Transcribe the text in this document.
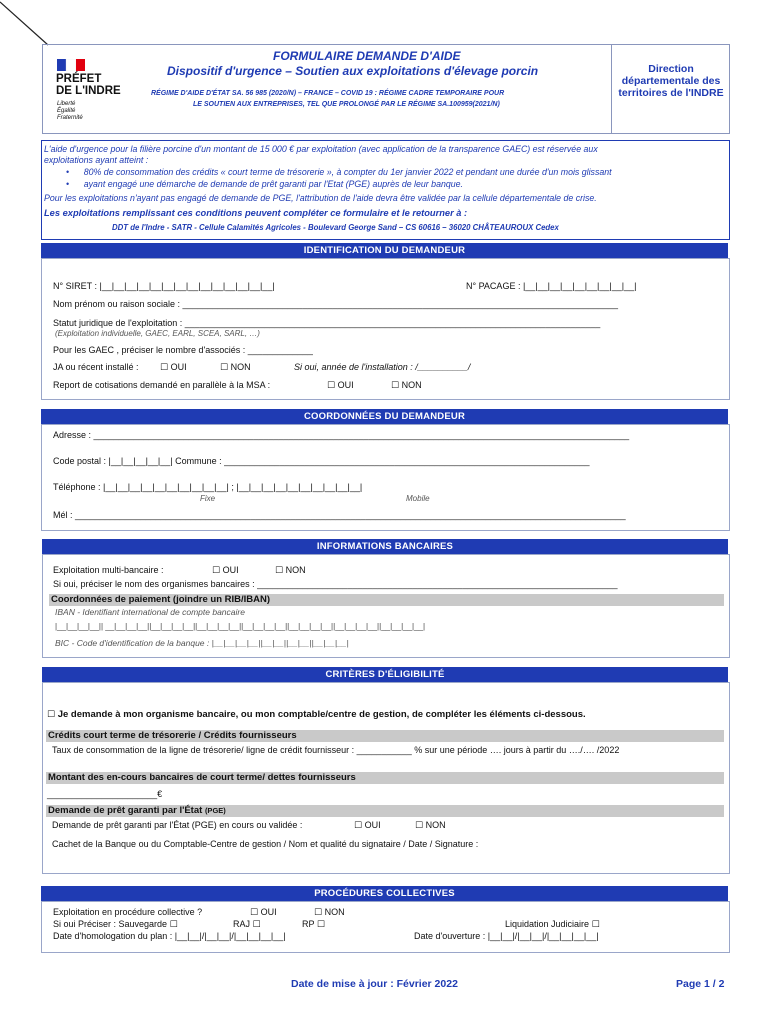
PRÉFET
DE L'INDRE
Liberté
Égalité
Fraternité
FORMULAIRE DEMANDE D'AIDE
Dispositif d'urgence – Soutien aux exploitations d'élevage porcin
RÉGIME D'AIDE D'ÉTAT SA. 56 985 (2020/N) – FRANCE – COVID 19 : RÉGIME CADRE TEMPORAIRE POUR
LE SOUTIEN AUX ENTREPRISES, TEL QUE PROLONGÉ PAR LE RÉGIME SA.100959(2021/N)
Direction départementale des territoires de l'INDRE
L'aide d'urgence pour la filière porcine d'un montant de 15 000 € par exploitation (avec application de la transparence GAEC) est réservée aux
exploitations ayant atteint :
•      80% de consommation des crédits « court terme de trésorerie », à compter du 1er janvier 2022 et pendant une durée d'un mois glissant
•      ayant engagé une démarche de demande de prêt garanti par l'Etat (PGE) auprès de leur banque.
Pour les exploitations n'ayant pas engagé de demande de PGE, l'attribution de l'aide devra être validée par la cellule départementale de crise.
Les exploitations remplissant ces conditions peuvent compléter ce formulaire et le retourner à :
DDT de l'Indre - SATR - Cellule Calamités Agricoles - Boulevard George Sand – CS 60616 – 36020 CHÂTEAUROUX Cedex
IDENTIFICATION DU DEMANDEUR
N° SIRET : |__|__|__|__|__|__|__|__|__|__|__|__|__|__|	N° PACAGE : |__|__|__|__|__|__|__|__|__|
Nom prénom ou raison sociale : _______________________________________________________________________________________
Statut juridique de l'exploitation : ___________________________________________________________________________________
(Exploitation individuelle, GAEC, EARL, SCEA, SARL, …)
Pour les GAEC , préciser le nombre d'associés : _____________
JA ou récent installé : ☐ OUI	☐ NON	Si oui, année de l'installation : /__________/
Report de cotisations demandé en parallèle à la MSA :	☐ OUI	☐ NON
COORDONNÉES DU DEMANDEUR
Adresse : ___________________________________________________________________________________________________________
Code postal : |__|__|__|__|__| Commune : _________________________________________________________________________
Téléphone : |__|__|__|__|__|__|__|__|__|__| ; |__|__|__|__|__|__|__|__|__|__|
Fixe	Mobile
Mél : ______________________________________________________________________________________________________________
INFORMATIONS BANCAIRES
Exploitation multi-bancaire :	☐ OUI	☐ NON
Si oui, préciser le nom des organismes bancaires : ________________________________________________________________________
Coordonnées de paiement (joindre un RIB/IBAN)
IBAN - Identifiant international de compte bancaire
|__|__|__|__|| __|__|__|__||__|__|__|__||__|__|__|__||__|__|__|__||__|__|__|__||__|__|__|__||__|__|__|__|
BIC - Code d'identification de la banque : |__|__|__|__||__|__||__|__||__|__|__|
CRITÈRES D'ÉLIGIBILITÉ
☐ Je demande à mon organisme bancaire, ou mon comptable/centre de gestion, de compléter les éléments ci-dessous.
Crédits court terme de trésorerie / Crédits fournisseurs
Taux de consommation de la ligne de trésorerie/ ligne de crédit fournisseur : ___________ % sur une période …. jours à partir du …./…. /2022
Montant des en-cours bancaires de court terme/ dettes fournisseurs
______________________€
Demande de prêt garanti par l'État (PGE)
Demande de prêt garanti par l'État (PGE) en cours ou validée :	☐ OUI	☐ NON
Cachet de la Banque ou du Comptable-Centre de gestion / Nom et qualité du signataire / Date / Signature :
PROCÉDURES COLLECTIVES
Exploitation en procédure collective ?	☐ OUI	☐ NON
Si oui Préciser : Sauvegarde ☐	RAJ ☐	RP ☐	Liquidation Judiciaire ☐
Date d'homologation du plan : |__|__|/|__|__|/|__|__|__|__|	Date d'ouverture : |__|__|/|__|__|/|__|__|__|__|
Date de mise à jour : Février 2022	Page 1 / 2
